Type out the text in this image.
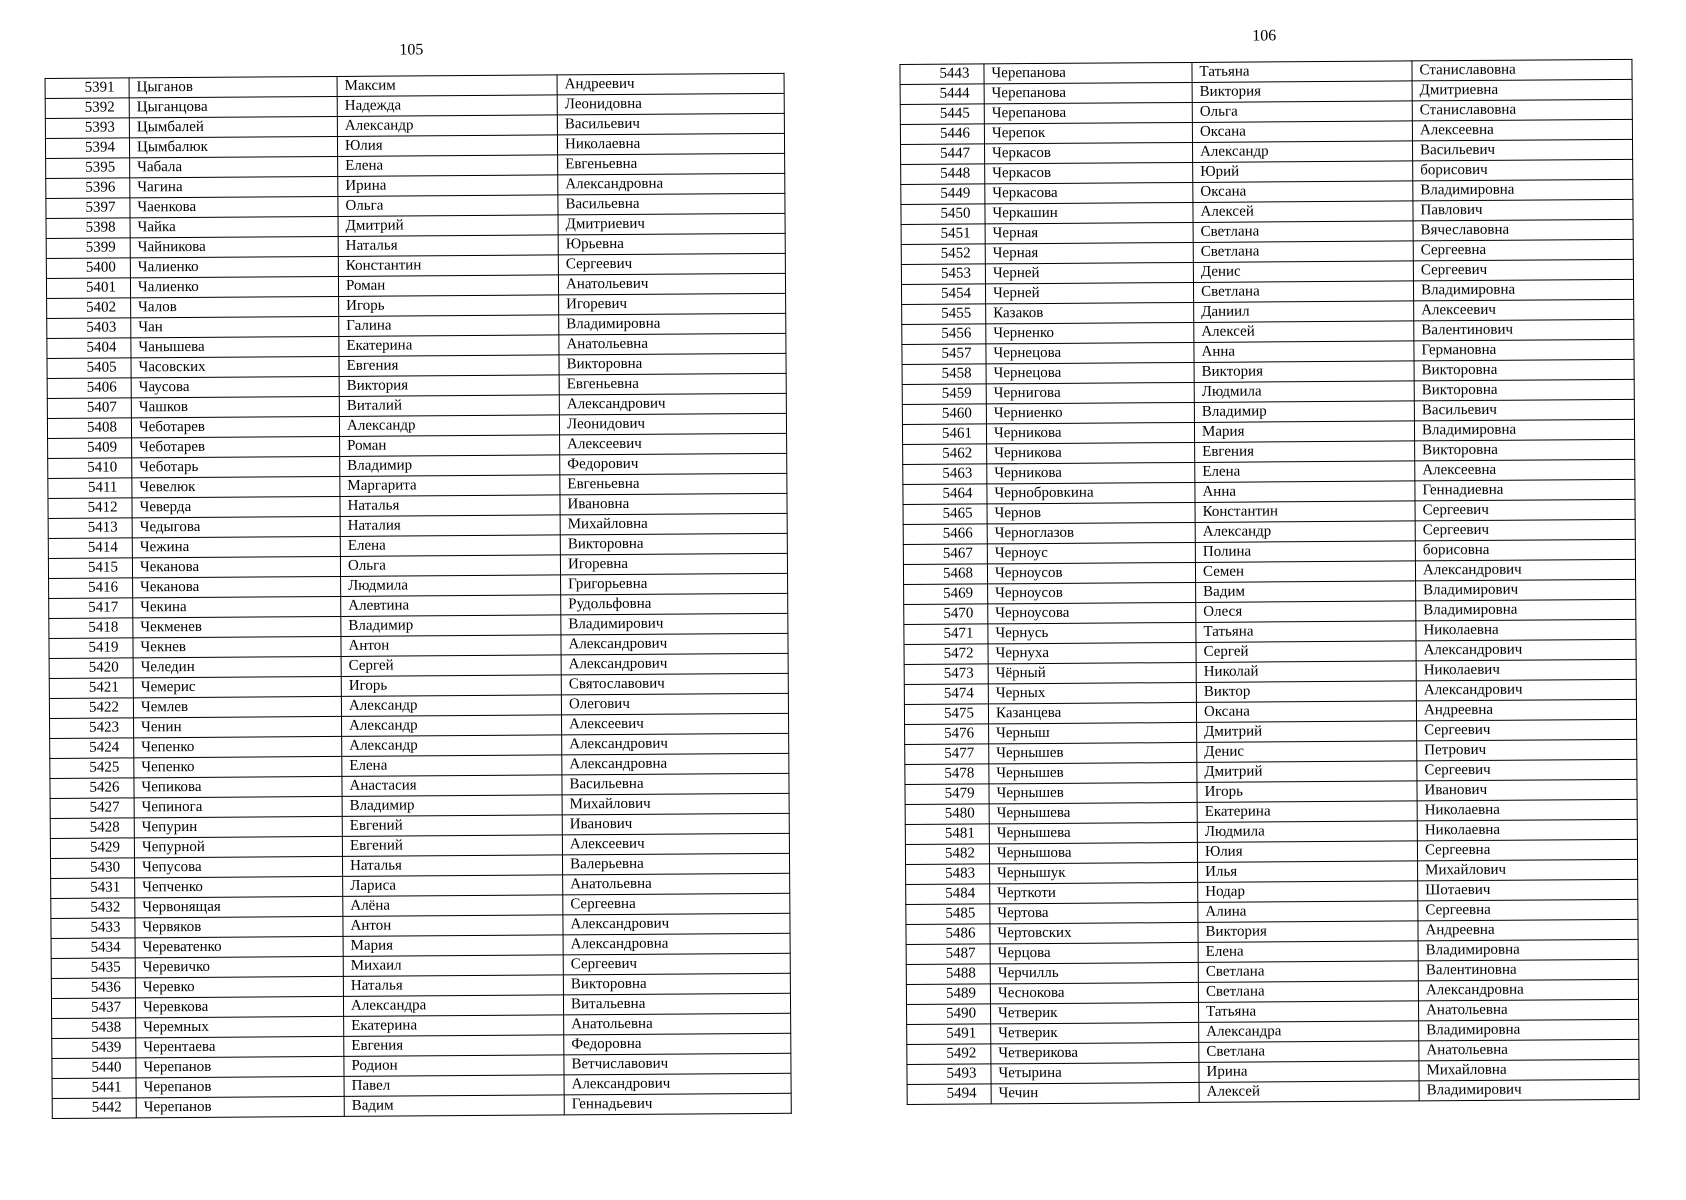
105
5391	Цыганов	Максим	Андреевич
5392	Цыганцова	Надежда	Леонидовна
5393	Цымбалей	Александр	Васильевич
5394	Цымбалюк	Юлия	Николаевна
5395	Чабала	Елена	Евгеньевна
5396	Чагина	Ирина	Александровна
5397	Чаенкова	Ольга	Васильевна
5398	Чайка	Дмитрий	Дмитриевич
5399	Чайникова	Наталья	Юрьевна
5400	Чалиенко	Константин	Сергеевич
5401	Чалиенко	Роман	Анатольевич
5402	Чалов	Игорь	Игоревич
5403	Чан	Галина	Владимировна
5404	Чанышева	Екатерина	Анатольевна
5405	Часовских	Евгения	Викторовна
5406	Чаусова	Виктория	Евгеньевна
5407	Чашков	Виталий	Александрович
5408	Чеботарев	Александр	Леонидович
5409	Чеботарев	Роман	Алексеевич
5410	Чеботарь	Владимир	Федорович
5411	Чевелюк	Маргарита	Евгеньевна
5412	Чеверда	Наталья	Ивановна
5413	Чедыгова	Наталия	Михайловна
5414	Чежина	Елена	Викторовна
5415	Чеканова	Ольга	Игоревна
5416	Чеканова	Людмила	Григорьевна
5417	Чекина	Алевтина	Рудольфовна
5418	Чекменев	Владимир	Владимирович
5419	Чекнев	Антон	Александрович
5420	Челедин	Сергей	Александрович
5421	Чемерис	Игорь	Святославович
5422	Чемлев	Александр	Олегович
5423	Ченин	Александр	Алексеевич
5424	Чепенко	Александр	Александрович
5425	Чепенко	Елена	Александровна
5426	Чепикова	Анастасия	Васильевна
5427	Чепинога	Владимир	Михайлович
5428	Чепурин	Евгений	Иванович
5429	Чепурной	Евгений	Алексеевич
5430	Чепусова	Наталья	Валерьевна
5431	Чепченко	Лариса	Анатольевна
5432	Червонящая	Алёна	Сергеевна
5433	Червяков	Антон	Александрович
5434	Череватенко	Мария	Александровна
5435	Черевичко	Михаил	Сергеевич
5436	Черевко	Наталья	Викторовна
5437	Черевкова	Александра	Витальевна
5438	Черемных	Екатерина	Анатольевна
5439	Черентаева	Евгения	Федоровна
5440	Черепанов	Родион	Ветчиславович
5441	Черепанов	Павел	Александрович
5442	Черепанов	Вадим	Геннадьевич
106
5443	Черепанова	Татьяна	Станиславовна
5444	Черепанова	Виктория	Дмитриевна
5445	Черепанова	Ольга	Станиславовна
5446	Черепок	Оксана	Алексеевна
5447	Черкасов	Александр	Васильевич
5448	Черкасов	Юрий	борисович
5449	Черкасова	Оксана	Владимировна
5450	Черкашин	Алексей	Павлович
5451	Черная	Светлана	Вячеславовна
5452	Черная	Светлана	Сергеевна
5453	Черней	Денис	Сергеевич
5454	Черней	Светлана	Владимировна
5455	Казаков	Даниил	Алексеевич
5456	Черненко	Алексей	Валентинович
5457	Чернецова	Анна	Германовна
5458	Чернецова	Виктория	Викторовна
5459	Черниговa	Людмила	Викторовна
5460	Черниенко	Владимир	Васильевич
5461	Черникова	Мария	Владимировна
5462	Черникова	Евгения	Викторовна
5463	Черникова	Елена	Алексеевна
5464	Чернобровкина	Анна	Геннадиевна
5465	Чернов	Константин	Сергеевич
5466	Черноглазов	Александр	Сергеевич
5467	Черноус	Полина	борисовна
5468	Черноусов	Семен	Александрович
5469	Черноусов	Вадим	Владимирович
5470	Черноусова	Олеся	Владимировна
5471	Чернусь	Татьяна	Николаевна
5472	Чернуха	Сергей	Александрович
5473	Чёрный	Николай	Николаевич
5474	Черных	Виктор	Александрович
5475	Казанцева	Оксана	Андреевна
5476	Черныш	Дмитрий	Сергеевич
5477	Чернышев	Денис	Петрович
5478	Чернышев	Дмитрий	Сергеевич
5479	Чернышев	Игорь	Иванович
5480	Чернышева	Екатерина	Николаевна
5481	Чернышева	Людмила	Николаевна
5482	Чернышова	Юлия	Сергеевна
5483	Чернышук	Илья	Михайлович
5484	Черткоти	Нодар	Шотаевич
5485	Чертова	Алина	Сергеевна
5486	Чертовских	Виктория	Андреевна
5487	Черцова	Елена	Владимировна
5488	Черчилль	Светлана	Валентиновна
5489	Чеснокова	Светлана	Александровна
5490	Четверик	Татьяна	Анатольевна
5491	Четверик	Александра	Владимировна
5492	Четверикова	Светлана	Анатольевна
5493	Четырина	Ирина	Михайловна
5494	Чечин	Алексей	Владимирович
